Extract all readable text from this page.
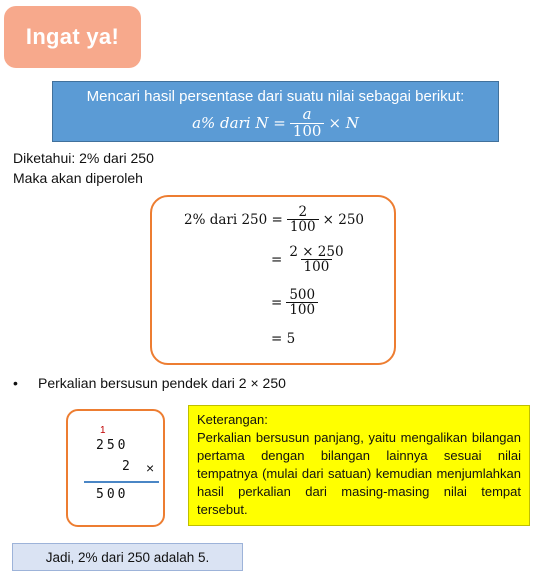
Ingat ya!
Mencari hasil persentase dari suatu nilai sebagai berikut:
a% dari $N = \frac{a}{100} \times N$
Diketahui: 2% dari 250
Maka akan diperoleh
2% dari $250 = \frac{2}{100} \times 250$
= $\frac{2 \times 250}{100}$
= $\frac{500}{100}$
= 5
• Perkalian bersusun pendek dari 2 × 250
1
250
2 ×
500
Keterangan:
Perkalian bersusun panjang, yaitu mengalikan bilangan pertama dengan bilangan lainnya sesuai nilai tempatnya (mulai dari satuan) kemudian menjumlahkan hasil perkalian dari masing-masing nilai tempat tersebut.
Jadi, 2% dari 250 adalah 5.
